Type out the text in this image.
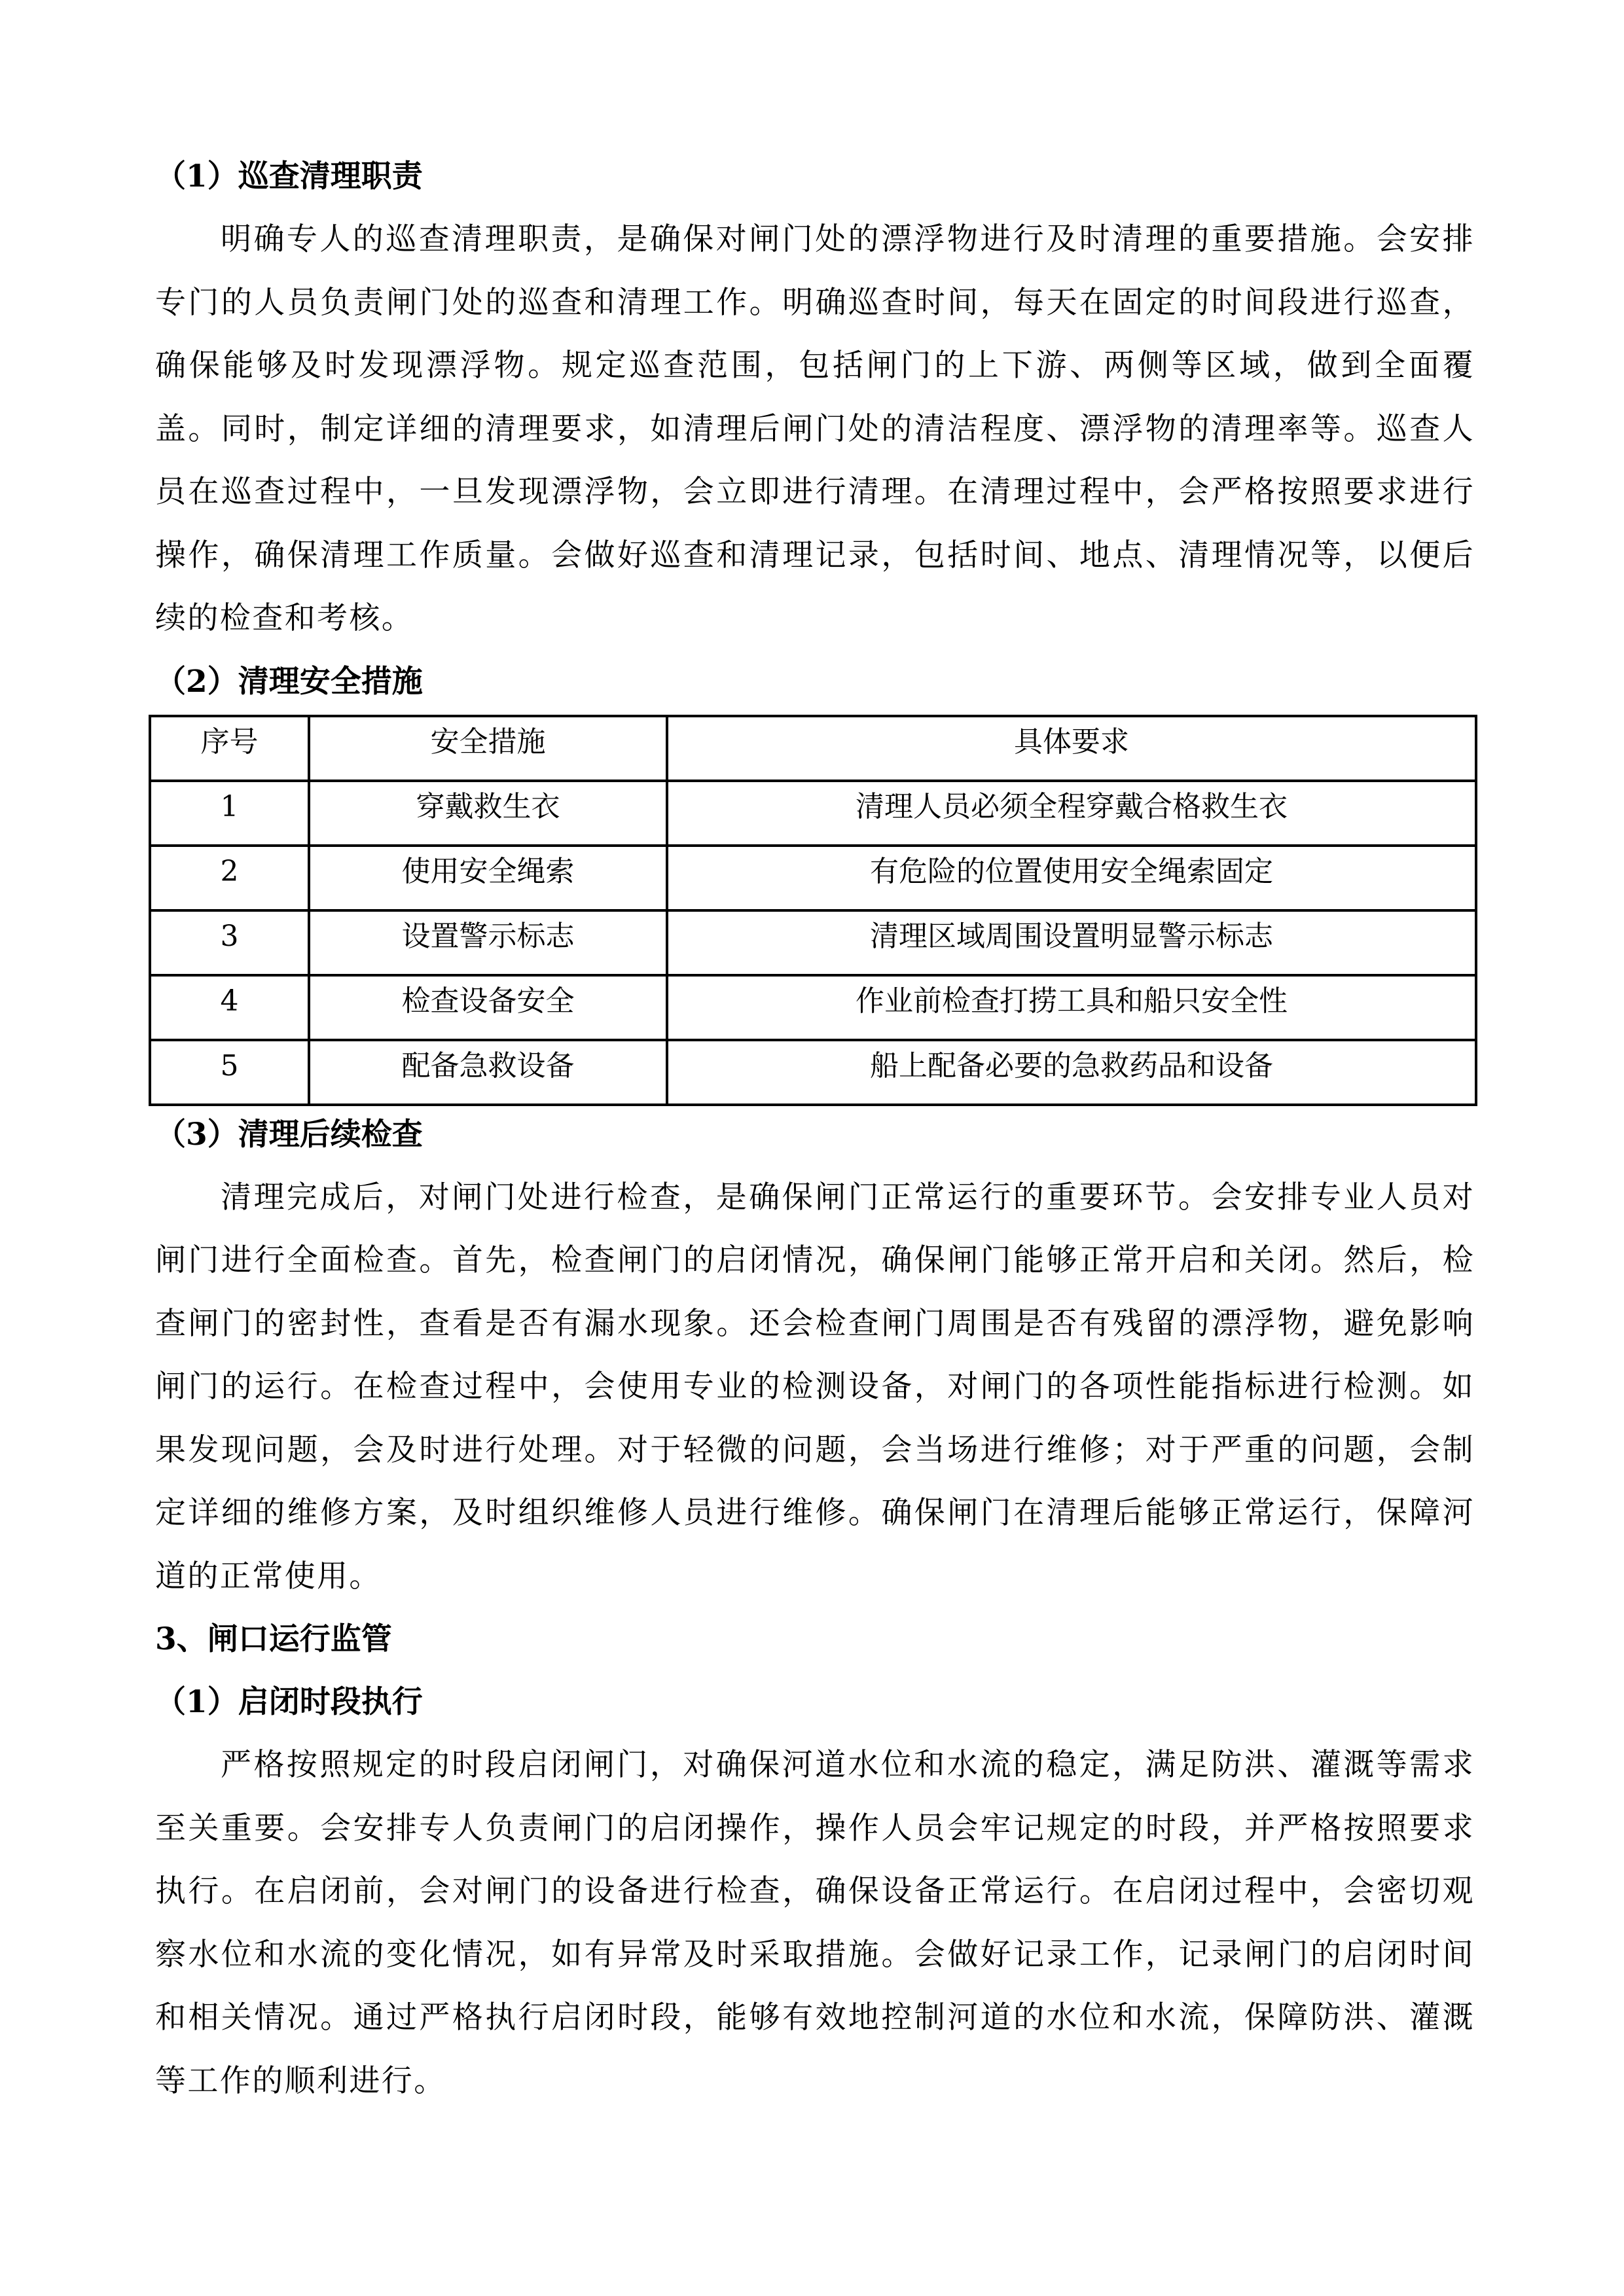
（1）巡查清理职责

明确专人的巡查清理职责，是确保对闸门处的漂浮物进行及时清理的重要措施。会安排专门的人员负责闸门处的巡查和清理工作。明确巡查时间，每天在固定的时间段进行巡查，确保能够及时发现漂浮物。规定巡查范围，包括闸门的上下游、两侧等区域，做到全面覆盖。同时，制定详细的清理要求，如清理后闸门处的清洁程度、漂浮物的清理率等。巡查人员在巡查过程中，一旦发现漂浮物，会立即进行清理。在清理过程中，会严格按照要求进行操作，确保清理工作质量。会做好巡查和清理记录，包括时间、地点、清理情况等，以便后续的检查和考核。

（2）清理安全措施
序号	安全措施	具体要求
1	穿戴救生衣	清理人员必须全程穿戴合格救生衣
2	使用安全绳索	有危险的位置使用安全绳索固定
3	设置警示标志	清理区域周围设置明显警示标志
4	检查设备安全	作业前检查打捞工具和船只安全性
5	配备急救设备	船上配备必要的急救药品和设备
（3）清理后续检查

清理完成后，对闸门处进行检查，是确保闸门正常运行的重要环节。会安排专业人员对闸门进行全面检查。首先，检查闸门的启闭情况，确保闸门能够正常开启和关闭。然后，检查闸门的密封性，查看是否有漏水现象。还会检查闸门周围是否有残留的漂浮物，避免影响闸门的运行。在检查过程中，会使用专业的检测设备，对闸门的各项性能指标进行检测。如果发现问题，会及时进行处理。对于轻微的问题，会当场进行维修；对于严重的问题，会制定详细的维修方案，及时组织维修人员进行维修。确保闸门在清理后能够正常运行，保障河道的正常使用。

3、闸口运行监管
（1）启闭时段执行

严格按照规定的时段启闭闸门，对确保河道水位和水流的稳定，满足防洪、灌溉等需求至关重要。会安排专人负责闸门的启闭操作，操作人员会牢记规定的时段，并严格按照要求执行。在启闭前，会对闸门的设备进行检查，确保设备正常运行。在启闭过程中，会密切观察水位和水流的变化情况，如有异常及时采取措施。会做好记录工作，记录闸门的启闭时间和相关情况。通过严格执行启闭时段，能够有效地控制河道的水位和水流，保障防洪、灌溉等工作的顺利进行。
